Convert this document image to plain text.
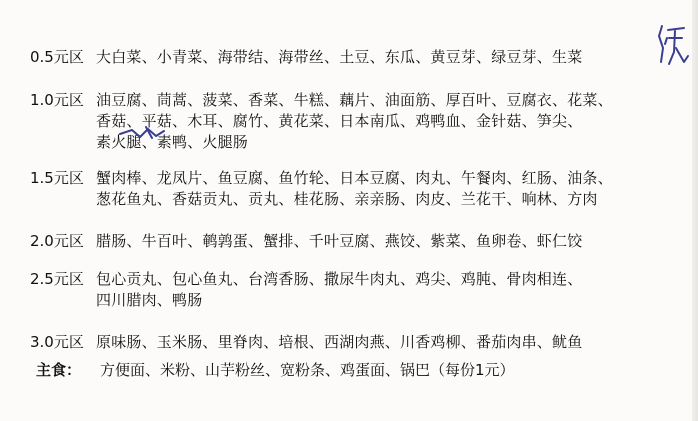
0.5元区 大白菜、小青菜、海带结、海带丝、土豆、东瓜、黄豆芽、绿豆芽、生菜
1.0元区 油豆腐、茼蒿、菠菜、香菜、牛糕、藕片、油面筋、厚百叶、豆腐衣、花菜、
香菇、平菇、木耳、腐竹、黄花菜、日本南瓜、鸡鸭血、金针菇、笋尖、
素火腿、素鸭、火腿肠
1.5元区 蟹肉棒、龙凤片、鱼豆腐、鱼竹轮、日本豆腐、肉丸、午餐肉、红肠、油条、
葱花鱼丸、香菇贡丸、贡丸、桂花肠、亲亲肠、肉皮、兰花干、响林、方肉
2.0元区 腊肠、牛百叶、鹌鹑蛋、蟹排、千叶豆腐、燕饺、紫菜、鱼卵卷、虾仁饺
2.5元区 包心贡丸、包心鱼丸、台湾香肠、撒尿牛肉丸、鸡尖、鸡肫、骨肉相连、
四川腊肉、鸭肠
3.0元区 原味肠、玉米肠、里脊肉、培根、西湖肉燕、川香鸡柳、番茄肉串、鱿鱼
主食：	方便面、米粉、山芋粉丝、宽粉条、鸡蛋面、锅巴（每份1元）
